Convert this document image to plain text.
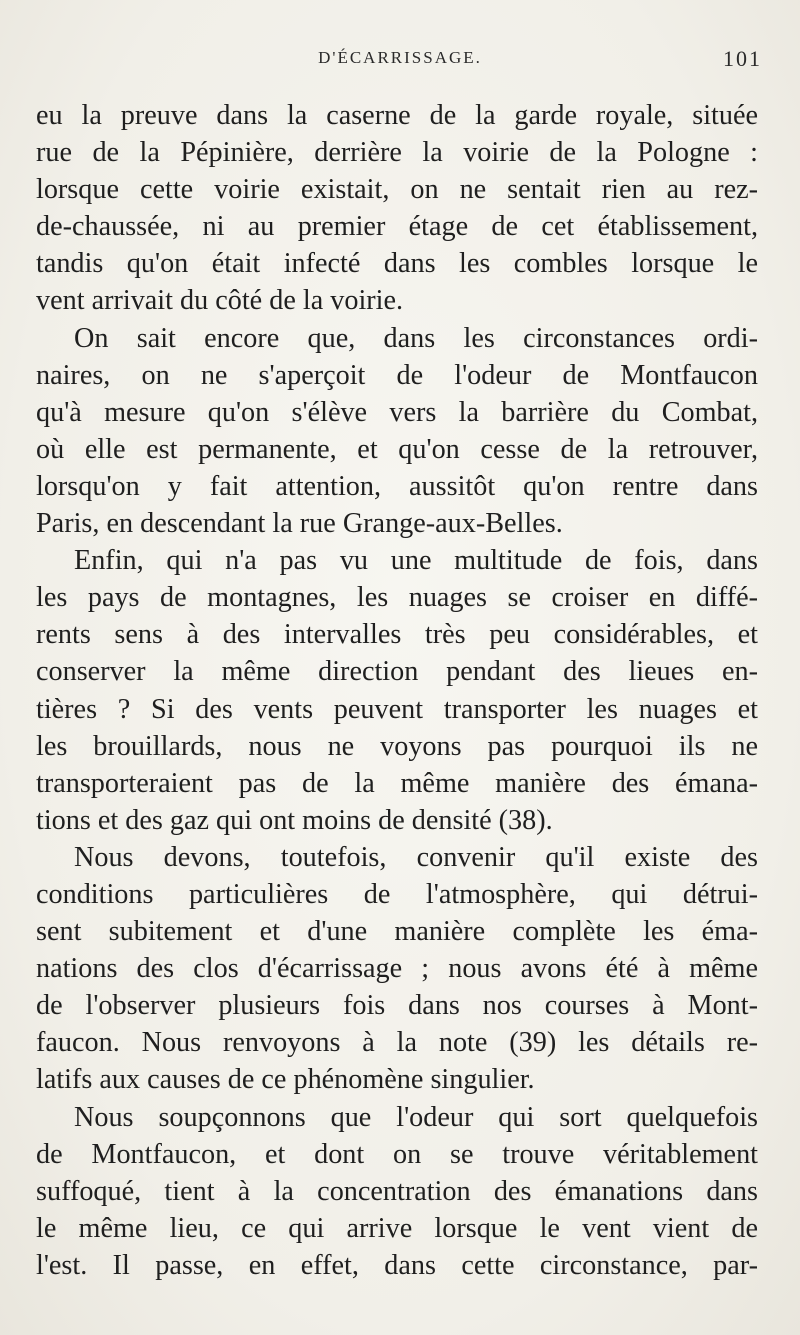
D'ÉCARRISSAGE.	101
eu la preuve dans la caserne de la garde royale, située
rue de la Pépinière, derrière la voirie de la Pologne :
lorsque cette voirie existait, on ne sentait rien au rez-
de-chaussée, ni au premier étage de cet établissement,
tandis qu'on était infecté dans les combles lorsque le
vent arrivait du côté de la voirie.
On sait encore que, dans les circonstances ordi-
naires, on ne s'aperçoit de l'odeur de Montfaucon
qu'à mesure qu'on s'élève vers la barrière du Combat,
où elle est permanente, et qu'on cesse de la retrouver,
lorsqu'on y fait attention, aussitôt qu'on rentre dans
Paris, en descendant la rue Grange-aux-Belles.
Enfin, qui n'a pas vu une multitude de fois, dans
les pays de montagnes, les nuages se croiser en diffé-
rents sens à des intervalles très peu considérables, et
conserver la même direction pendant des lieues en-
tières ? Si des vents peuvent transporter les nuages et
les brouillards, nous ne voyons pas pourquoi ils ne
transporteraient pas de la même manière des émana-
tions et des gaz qui ont moins de densité (38).
Nous devons, toutefois, convenir qu'il existe des
conditions particulières de l'atmosphère, qui détrui-
sent subitement et d'une manière complète les éma-
nations des clos d'écarrissage ; nous avons été à même
de l'observer plusieurs fois dans nos courses à Mont-
faucon. Nous renvoyons à la note (39) les détails re-
latifs aux causes de ce phénomène singulier.
Nous soupçonnons que l'odeur qui sort quelquefois
de Montfaucon, et dont on se trouve véritablement
suffoqué, tient à la concentration des émanations dans
le même lieu, ce qui arrive lorsque le vent vient de
l'est. Il passe, en effet, dans cette circonstance, par-
